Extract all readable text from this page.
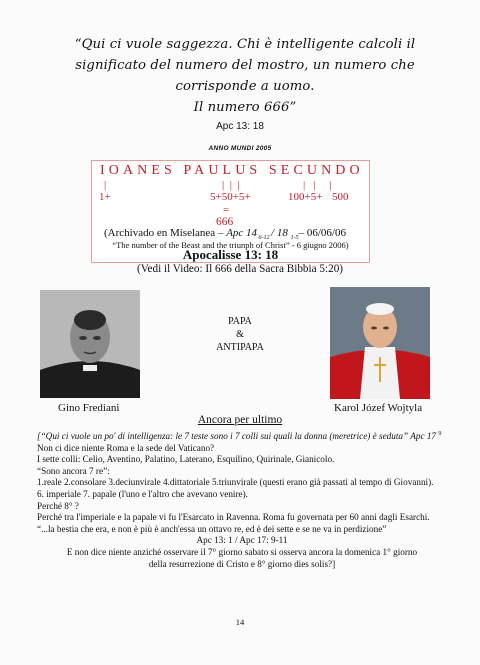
“Qui ci vuole saggezza. Chi è intelligente calcoli il
significato del numero del mostro, un numero che
corrisponde a uomo.
Il numero 666”
Apc 13: 18
ANNO MUNDI 2005
IOANES PAULUS SECUNDO
|	|  |  |	|   |     |
1+	5+50+5+	100+5+ 500
=
666
(Archivado en Miselanea – Apc 14 $_{6-12}$ / 18 $_{1-5}$– 06/06/06
“The number of the Beast and the triunph of Christ” - 6 giugno 2006)
Apocalisse 13: 18
(Vedi il Video: Il 666 della Sacra Bibbia 5:20)
PAPA
&
ANTIPAPA
Gino Frediani	Karol Józef Wojtyla
Ancora per ultimo

[“Qui ci vuole un po' di intelligenza: le 7 teste sono i 7 colli sui quali la donna (meretrice) è seduta” Apc 17 $^9$

Non ci dice niente Roma e la sede del Vaticano?

I sette colli: Celio, Aventino, Palatino, Laterano, Esquilino, Quirinale, Gianicolo.

“Sono ancora 7 re”:

1.reale 2.consolare 3.deciunvirale 4.dittatoriale 5.triunvirale (questi erano già passati al tempo di Giovanni).

6. imperiale 7. papale (l'uno e l'altro che avevano venire).

Perché 8° ?

Perché tra l'imperiale e la papale vi fu l'Esarcato in Ravenna. Roma fu governata per 60 anni dagli Esarchi.

“...la bestia che era, e non è più è anch'essa un ottavo re, ed è dei sette e se ne va in perdizione”

Apc 13: 1 / Apc 17: 9-11

E non dice niente anziché osservare il 7° giorno sabato si osserva ancora la domenica 1° giorno

della resurrezione di Cristo e 8° giorno dies solis?]

14
